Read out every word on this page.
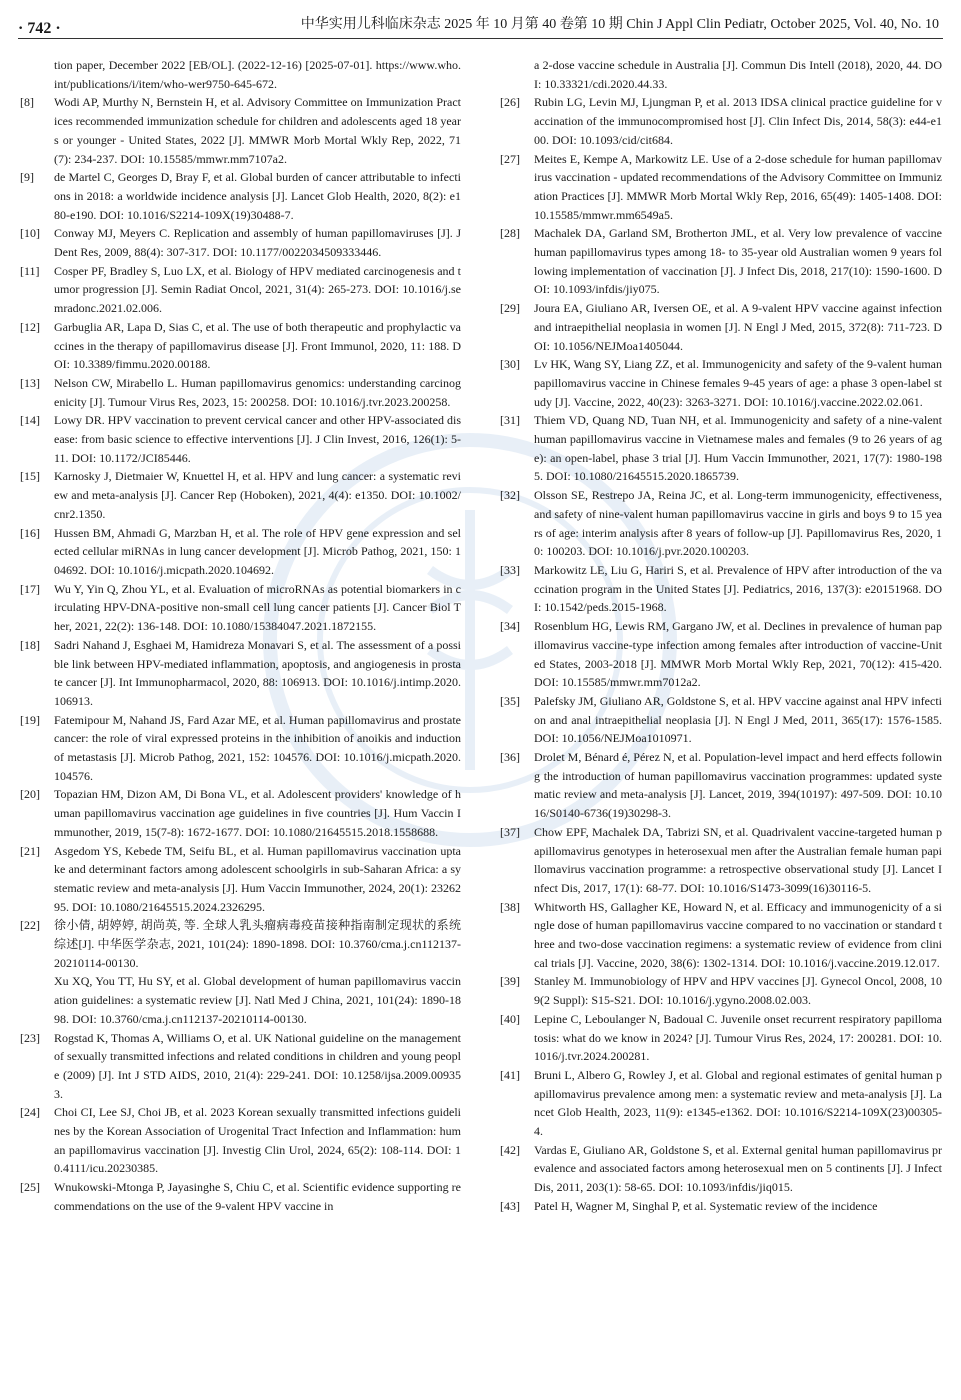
· 742 ·	中华实用儿科临床杂志 2025 年 10 月第 40 卷第 10 期 Chin J Appl Clin Pediatr, October 2025, Vol. 40, No. 10

tion paper, December 2022 [EB/OL]. (2022-12-16) [2025-07-01]. https://www.who.int/publications/i/item/who-wer9750-645-672.

[8]	Wodi AP, Murthy N, Bernstein H, et al. Advisory Committee on Immunization Practices recommended immunization schedule for children and adolescents aged 18 years or younger - United States, 2022 [J]. MMWR Morb Mortal Wkly Rep, 2022, 71(7): 234-237. DOI: 10.15585/mmwr.mm7107a2.

[9]	de Martel C, Georges D, Bray F, et al. Global burden of cancer attributable to infections in 2018: a worldwide incidence analysis [J]. Lancet Glob Health, 2020, 8(2): e180-e190. DOI: 10.1016/S2214-109X(19)30488-7.

[10]	Conway MJ, Meyers C. Replication and assembly of human papillomaviruses [J]. J Dent Res, 2009, 88(4): 307-317. DOI: 10.1177/0022034509333446.

[11]	Cosper PF, Bradley S, Luo LX, et al. Biology of HPV mediated carcinogenesis and tumor progression [J]. Semin Radiat Oncol, 2021, 31(4): 265-273. DOI: 10.1016/j.semradonc.2021.02.006.

[12]	Garbuglia AR, Lapa D, Sias C, et al. The use of both therapeutic and prophylactic vaccines in the therapy of papillomavirus disease [J]. Front Immunol, 2020, 11: 188. DOI: 10.3389/fimmu.2020.00188.

[13]	Nelson CW, Mirabello L. Human papillomavirus genomics: understanding carcinogenicity [J]. Tumour Virus Res, 2023, 15: 200258. DOI: 10.1016/j.tvr.2023.200258.

[14]	Lowy DR. HPV vaccination to prevent cervical cancer and other HPV-associated disease: from basic science to effective interventions [J]. J Clin Invest, 2016, 126(1): 5-11. DOI: 10.1172/JCI85446.

[15]	Karnosky J, Dietmaier W, Knuettel H, et al. HPV and lung cancer: a systematic review and meta-analysis [J]. Cancer Rep (Hoboken), 2021, 4(4): e1350. DOI: 10.1002/cnr2.1350.

[16]	Hussen BM, Ahmadi G, Marzban H, et al. The role of HPV gene expression and selected cellular miRNAs in lung cancer development [J]. Microb Pathog, 2021, 150: 104692. DOI: 10.1016/j.micpath.2020.104692.

[17]	Wu Y, Yin Q, Zhou YL, et al. Evaluation of microRNAs as potential biomarkers in circulating HPV-DNA-positive non-small cell lung cancer patients [J]. Cancer Biol Ther, 2021, 22(2): 136-148. DOI: 10.1080/15384047.2021.1872155.

[18]	Sadri Nahand J, Esghaei M, Hamidreza Monavari S, et al. The assessment of a possible link between HPV-mediated inflammation, apoptosis, and angiogenesis in prostate cancer [J]. Int Immunopharmacol, 2020, 88: 106913. DOI: 10.1016/j.intimp.2020.106913.

[19]	Fatemipour M, Nahand JS, Fard Azar ME, et al. Human papillomavirus and prostate cancer: the role of viral expressed proteins in the inhibition of anoikis and induction of metastasis [J]. Microb Pathog, 2021, 152: 104576. DOI: 10.1016/j.micpath.2020.104576.

[20]	Topazian HM, Dizon AM, Di Bona VL, et al. Adolescent providers' knowledge of human papillomavirus vaccination age guidelines in five countries [J]. Hum Vaccin Immunother, 2019, 15(7-8): 1672-1677. DOI: 10.1080/21645515.2018.1558688.

[21]	Asgedom YS, Kebede TM, Seifu BL, et al. Human papillomavirus vaccination uptake and determinant factors among adolescent schoolgirls in sub-Saharan Africa: a systematic review and meta-analysis [J]. Hum Vaccin Immunother, 2024, 20(1): 2326295. DOI: 10.1080/21645515.2024.2326295.

[22]	徐小倩, 胡婷婷, 胡尚英, 等. 全球人乳头瘤病毒疫苗接种指南制定现状的系统综述[J]. 中华医学杂志, 2021, 101(24): 1890-1898. DOI: 10.3760/cma.j.cn112137-20210114-00130.

Xu XQ, You TT, Hu SY, et al. Global development of human papillomavirus vaccination guidelines: a systematic review [J]. Natl Med J China, 2021, 101(24): 1890-1898. DOI: 10.3760/cma.j.cn112137-20210114-00130.

[23]	Rogstad K, Thomas A, Williams O, et al. UK National guideline on the management of sexually transmitted infections and related conditions in children and young people (2009) [J]. Int J STD AIDS, 2010, 21(4): 229-241. DOI: 10.1258/ijsa.2009.009353.

[24]	Choi CI, Lee SJ, Choi JB, et al. 2023 Korean sexually transmitted infections guidelines by the Korean Association of Urogenital Tract Infection and Inflammation: human papillomavirus vaccination [J]. Investig Clin Urol, 2024, 65(2): 108-114. DOI: 10.4111/icu.20230385.

[25]	Wnukowski-Mtonga P, Jayasinghe S, Chiu C, et al. Scientific evidence supporting recommendations on the use of the 9-valent HPV vaccine in

a 2-dose vaccine schedule in Australia [J]. Commun Dis Intell (2018), 2020, 44. DOI: 10.33321/cdi.2020.44.33.

[26]	Rubin LG, Levin MJ, Ljungman P, et al. 2013 IDSA clinical practice guideline for vaccination of the immunocompromised host [J]. Clin Infect Dis, 2014, 58(3): e44-e100. DOI: 10.1093/cid/cit684.

[27]	Meites E, Kempe A, Markowitz LE. Use of a 2-dose schedule for human papillomavirus vaccination - updated recommendations of the Advisory Committee on Immunization Practices [J]. MMWR Morb Mortal Wkly Rep, 2016, 65(49): 1405-1408. DOI: 10.15585/mmwr.mm6549a5.

[28]	Machalek DA, Garland SM, Brotherton JML, et al. Very low prevalence of vaccine human papillomavirus types among 18- to 35-year old Australian women 9 years following implementation of vaccination [J]. J Infect Dis, 2018, 217(10): 1590-1600. DOI: 10.1093/infdis/jiy075.

[29]	Joura EA, Giuliano AR, Iversen OE, et al. A 9-valent HPV vaccine against infection and intraepithelial neoplasia in women [J]. N Engl J Med, 2015, 372(8): 711-723. DOI: 10.1056/NEJMoa1405044.

[30]	Lv HK, Wang SY, Liang ZZ, et al. Immunogenicity and safety of the 9-valent human papillomavirus vaccine in Chinese females 9-45 years of age: a phase 3 open-label study [J]. Vaccine, 2022, 40(23): 3263-3271. DOI: 10.1016/j.vaccine.2022.02.061.

[31]	Thiem VD, Quang ND, Tuan NH, et al. Immunogenicity and safety of a nine-valent human papillomavirus vaccine in Vietnamese males and females (9 to 26 years of age): an open-label, phase 3 trial [J]. Hum Vaccin Immunother, 2021, 17(7): 1980-1985. DOI: 10.1080/21645515.2020.1865739.

[32]	Olsson SE, Restrepo JA, Reina JC, et al. Long-term immunogenicity, effectiveness, and safety of nine-valent human papillomavirus vaccine in girls and boys 9 to 15 years of age: interim analysis after 8 years of follow-up [J]. Papillomavirus Res, 2020, 10: 100203. DOI: 10.1016/j.pvr.2020.100203.

[33]	Markowitz LE, Liu G, Hariri S, et al. Prevalence of HPV after introduction of the vaccination program in the United States [J]. Pediatrics, 2016, 137(3): e20151968. DOI: 10.1542/peds.2015-1968.

[34]	Rosenblum HG, Lewis RM, Gargano JW, et al. Declines in prevalence of human papillomavirus vaccine-type infection among females after introduction of vaccine-United States, 2003-2018 [J]. MMWR Morb Mortal Wkly Rep, 2021, 70(12): 415-420. DOI: 10.15585/mmwr.mm7012a2.

[35]	Palefsky JM, Giuliano AR, Goldstone S, et al. HPV vaccine against anal HPV infection and anal intraepithelial neoplasia [J]. N Engl J Med, 2011, 365(17): 1576-1585. DOI: 10.1056/NEJMoa1010971.

[36]	Drolet M, Bénard é, Pérez N, et al. Population-level impact and herd effects following the introduction of human papillomavirus vaccination programmes: updated systematic review and meta-analysis [J]. Lancet, 2019, 394(10197): 497-509. DOI: 10.1016/S0140-6736(19)30298-3.

[37]	Chow EPF, Machalek DA, Tabrizi SN, et al. Quadrivalent vaccine-targeted human papillomavirus genotypes in heterosexual men after the Australian female human papillomavirus vaccination programme: a retrospective observational study [J]. Lancet Infect Dis, 2017, 17(1): 68-77. DOI: 10.1016/S1473-3099(16)30116-5.

[38]	Whitworth HS, Gallagher KE, Howard N, et al. Efficacy and immunogenicity of a single dose of human papillomavirus vaccine compared to no vaccination or standard three and two-dose vaccination regimens: a systematic review of evidence from clinical trials [J]. Vaccine, 2020, 38(6): 1302-1314. DOI: 10.1016/j.vaccine.2019.12.017.

[39]	Stanley M. Immunobiology of HPV and HPV vaccines [J]. Gynecol Oncol, 2008, 109(2 Suppl): S15-S21. DOI: 10.1016/j.ygyno.2008.02.003.

[40]	Lepine C, Leboulanger N, Badoual C. Juvenile onset recurrent respiratory papillomatosis: what do we know in 2024? [J]. Tumour Virus Res, 2024, 17: 200281. DOI: 10.1016/j.tvr.2024.200281.

[41]	Bruni L, Albero G, Rowley J, et al. Global and regional estimates of genital human papillomavirus prevalence among men: a systematic review and meta-analysis [J]. Lancet Glob Health, 2023, 11(9): e1345-e1362. DOI: 10.1016/S2214-109X(23)00305-4.

[42]	Vardas E, Giuliano AR, Goldstone S, et al. External genital human papillomavirus prevalence and associated factors among heterosexual men on 5 continents [J]. J Infect Dis, 2011, 203(1): 58-65. DOI: 10.1093/infdis/jiq015.

[43]	Patel H, Wagner M, Singhal P, et al. Systematic review of the incidence
